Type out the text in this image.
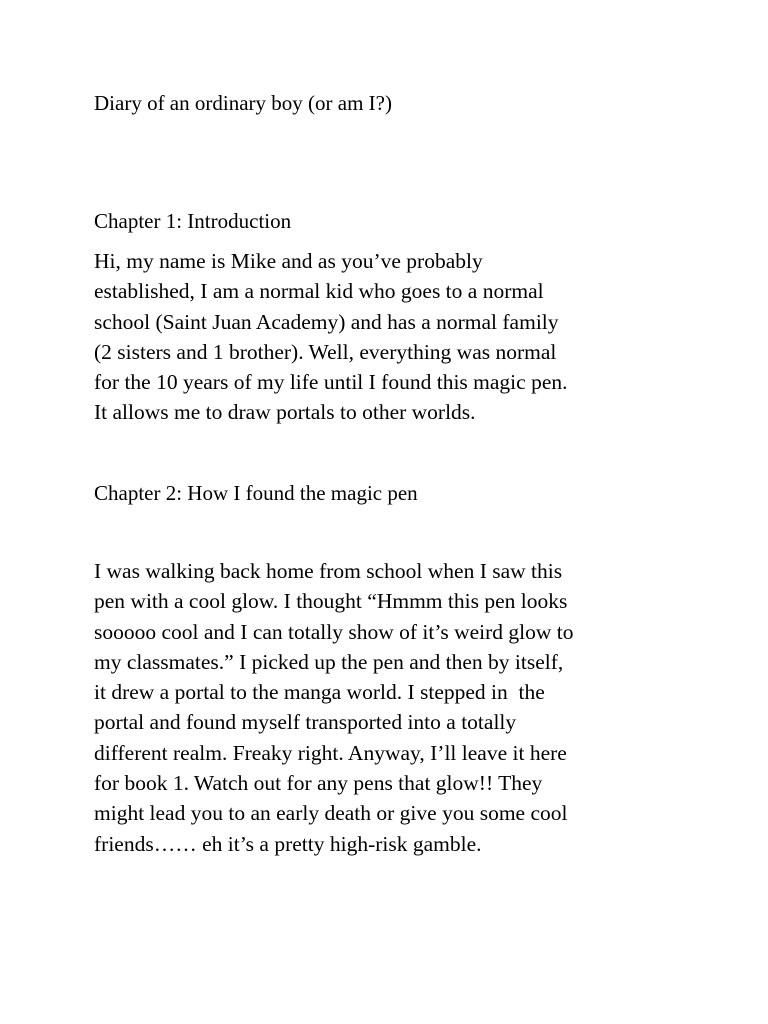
Diary of an ordinary boy (or am I?)
Chapter 1: Introduction
Hi, my name is Mike and as you’ve probably
established, I am a normal kid who goes to a normal
school (Saint Juan Academy) and has a normal family
(2 sisters and 1 brother). Well, everything was normal
for the 10 years of my life until I found this magic pen.
It allows me to draw portals to other worlds.
Chapter 2: How I found the magic pen
I was walking back home from school when I saw this
pen with a cool glow. I thought “Hmmm this pen looks
sooooo cool and I can totally show of it’s weird glow to
my classmates.” I picked up the pen and then by itself,
it drew a portal to the manga world. I stepped in  the
portal and found myself transported into a totally
different realm. Freaky right. Anyway, I’ll leave it here
for book 1. Watch out for any pens that glow!! They
might lead you to an early death or give you some cool
friends…… eh it’s a pretty high-risk gamble.
